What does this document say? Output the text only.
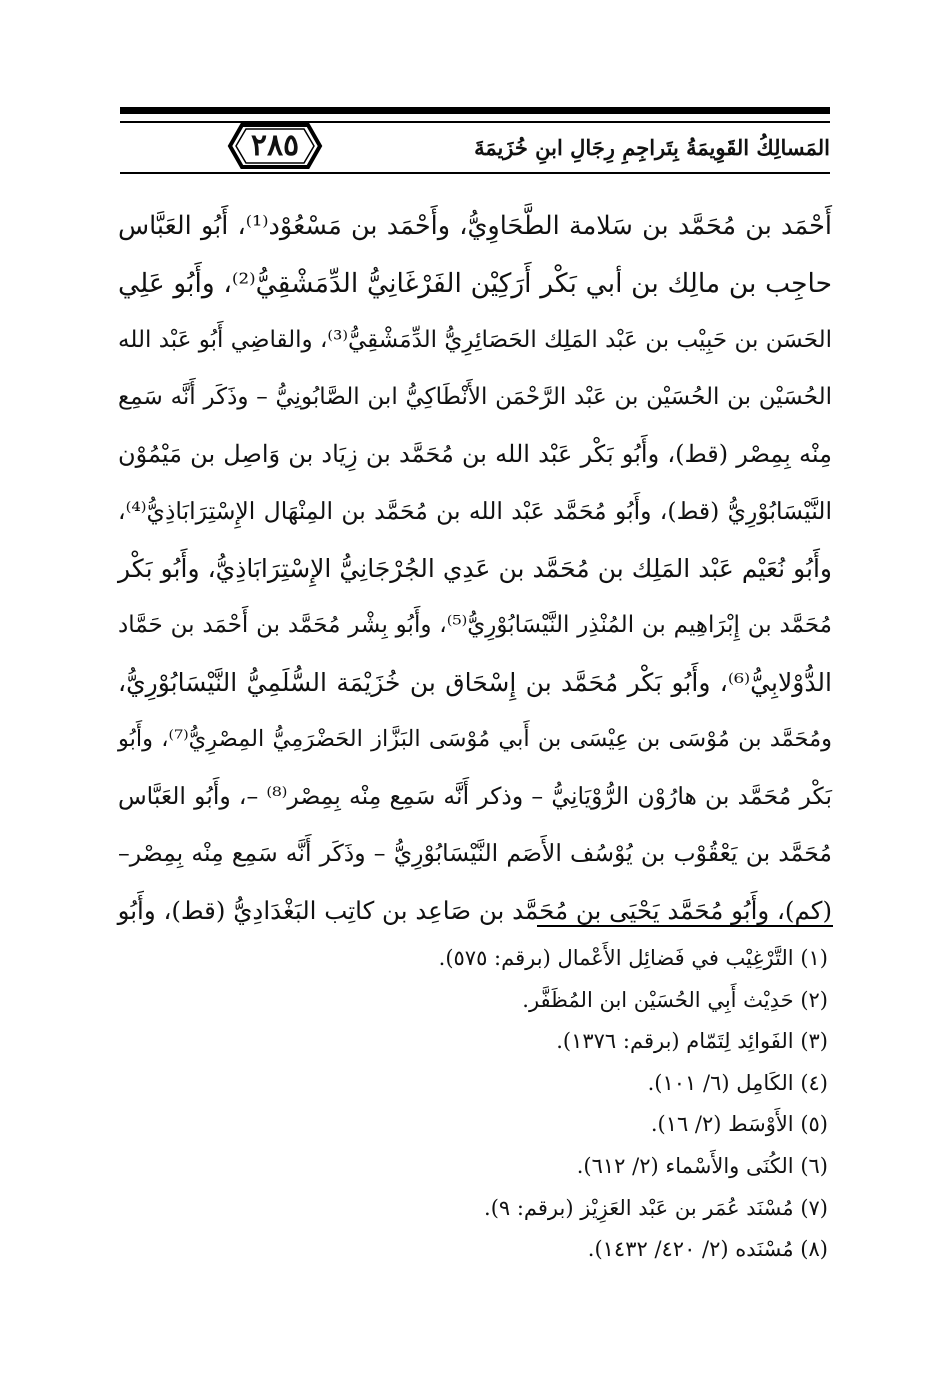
المَسالِكُ القَوِيمَةُ بِتَراجِمِ رِجَالِ ابنِ خُزَيمَةَ
٢٨٥
أَحْمَد بن مُحَمَّد بن سَلامة الطَّحَاوِيُّ، وأَحْمَد بن مَسْعُوْد⁽¹⁾، أَبُو العَبَّاس
حاجِب بن مالِك بن أبي بَكْر أَرَكِيْن الفَرْغَانِيُّ الدِّمَشْقِيُّ⁽²⁾، وأَبُو عَلِي
الحَسَن بن حَبِيْب بن عَبْد المَلِك الحَصَائِرِيُّ الدِّمَشْقِيُّ⁽³⁾، والقاضِي أَبُو عَبْد الله
الحُسَيْن بن الحُسَيْن بن عَبْد الرَّحْمَن الأَنْطَاكِيُّ ابن الصَّابُونِيُّ – وذَكَر أَنَّه سَمِع
مِنْه بِمِصْر (قط)، وأَبُو بَكْر عَبْد الله بن مُحَمَّد بن زِيَاد بن وَاصِل بن مَيْمُوْن
النَّيْسَابُوْرِيُّ (قط)، وأَبُو مُحَمَّد عَبْد الله بن مُحَمَّد بن المِنْهَال الإِسْتِرَابَاذِيُّ⁽⁴⁾،
وأَبُو نُعَيْم عَبْد المَلِك بن مُحَمَّد بن عَدِي الجُرْجَانِيُّ الإِسْتِرَابَاذِيُّ، وأَبُو بَكْر
مُحَمَّد بن إِبْرَاهِيم بن المُنْذِر النَّيْسَابُوْرِيُّ⁽⁵⁾، وأَبُو بِشْر مُحَمَّد بن أَحْمَد بن حَمَّاد
الدُّوْلابِيُّ⁽⁶⁾، وأَبُو بَكْر مُحَمَّد بن إِسْحَاق بن خُزَيْمَة السُّلَمِيُّ النَّيْسَابُوْرِيُّ،
ومُحَمَّد بن مُوْسَى بن عِيْسَى بن أَبي مُوْسَى البَزَّاز الحَضْرَمِيُّ المِصْرِيُّ⁽⁷⁾، وأَبُو
بَكْر مُحَمَّد بن هارُوْن الرُّوْيَانِيُّ – وذكر أَنَّه سَمِع مِنْه بِمِصْر⁽⁸⁾ –، وأَبُو العَبَّاس
مُحَمَّد بن يَعْقُوْب بن يُوْسُف الأَصَم النَّيْسَابُوْرِيُّ – وذَكَر أَنَّه سَمِع مِنْه بِمِصْر–
(كم)، وأَبُو مُحَمَّد يَحْيَى بن مُحَمَّد بن صَاعِد بن كاتِب البَغْدَادِيُّ (قط)، وأَبُو
(١) التَّرْغِيْب في فَضائِل الأَعْمال (برقم: ٥٧٥).
(٢) حَدِيْث أَبِي الحُسَيْن ابن المُظَفَّر.
(٣) الفَوائِد لِتَمّام (برقم: ١٣٧٦).
(٤) الكَامِل (٦/ ١٠١).
(٥) الأَوْسَط (٢/ ١٦).
(٦) الكُنَى والأَسْماء (٢/ ٦١٢).
(٧) مُسْنَد عُمَر بن عَبْد العَزِيْز (برقم: ٩).
(٨) مُسْنَده (٢/ ٤٢٠/ ١٤٣٢).
